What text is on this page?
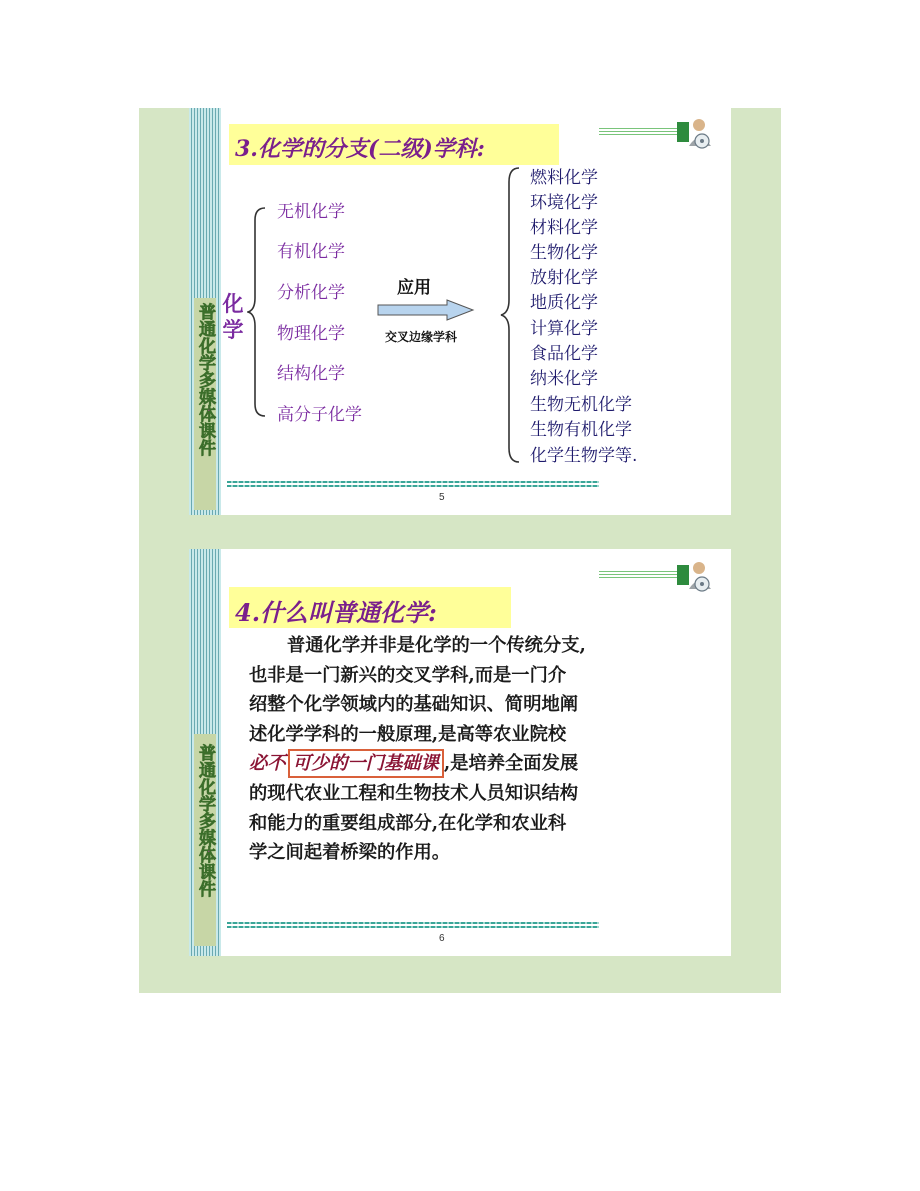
普通化学多媒体课件
3.化学的分支(二级)学科:
化学
无机化学
有机化学
分析化学
物理化学
结构化学
高分子化学
应用
交叉边缘学科
燃料化学
环境化学
材料化学
生物化学
放射化学
地质化学
计算化学
食品化学
纳米化学
生物无机化学
生物有机化学
化学生物学等.
5
普通化学多媒体课件
4.什么叫普通化学:
普通化学并非是化学的一个传统分支,
也非是一门新兴的交叉学科,而是一门介
绍整个化学领域内的基础知识、简明地阐
述化学学科的一般原理,是高等农业院校
必不 可少的一门基础课 ,是培养全面发展
的现代农业工程和生物技术人员知识结构
和能力的重要组成部分,在化学和农业科
学之间起着桥梁的作用。
6
